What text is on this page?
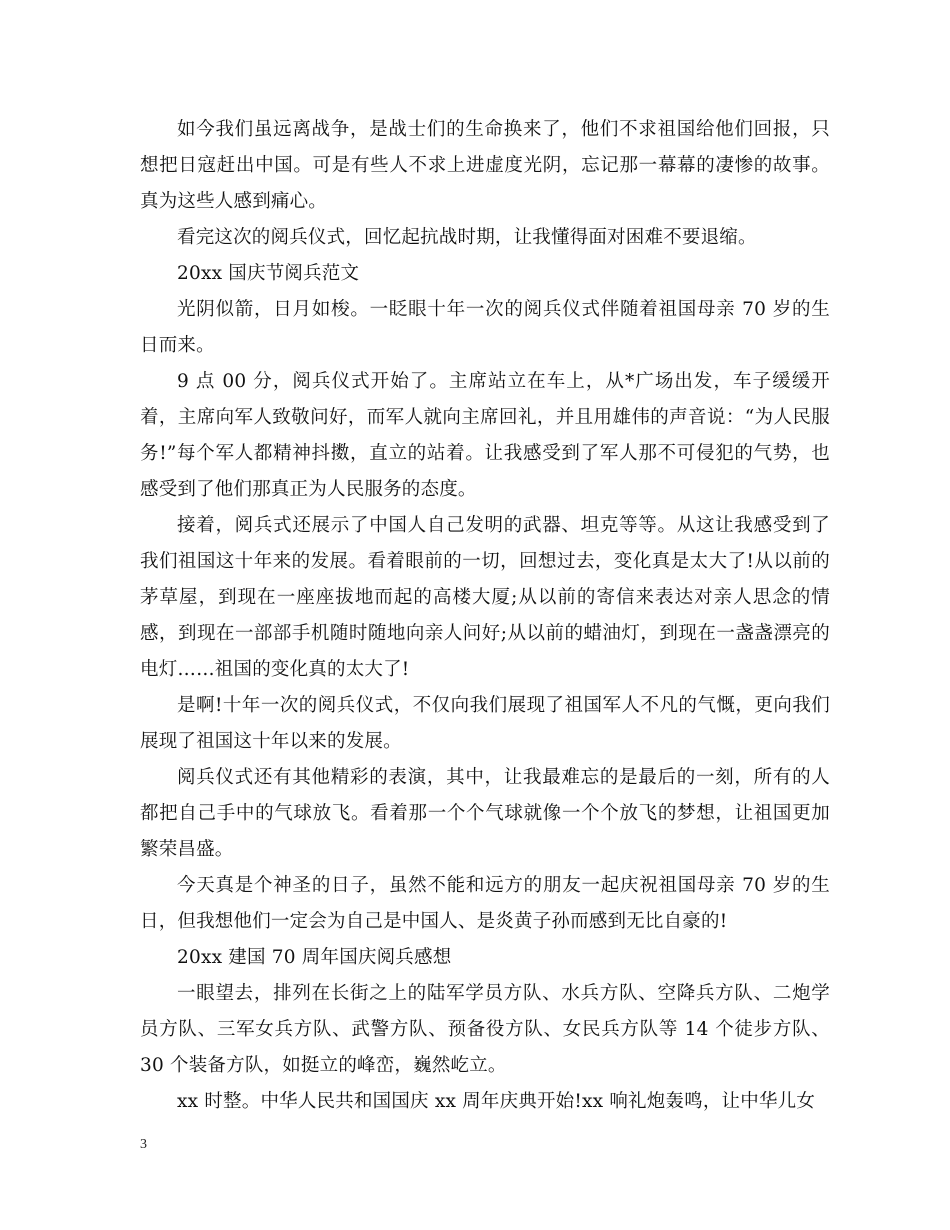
如今我们虽远离战争，是战士们的生命换来了，他们不求祖国给他们回报，只想把日寇赶出中国。可是有些人不求上进虚度光阴，忘记那一幕幕的凄惨的故事。真为这些人感到痛心。

看完这次的阅兵仪式，回忆起抗战时期，让我懂得面对困难不要退缩。

20xx 国庆节阅兵范文

光阴似箭，日月如梭。一眨眼十年一次的阅兵仪式伴随着祖国母亲 70 岁的生日而来。

9 点 00 分，阅兵仪式开始了。主席站立在车上，从*广场出发，车子缓缓开着，主席向军人致敬问好，而军人就向主席回礼，并且用雄伟的声音说：“为人民服务!”每个军人都精神抖擞，直立的站着。让我感受到了军人那不可侵犯的气势，也感受到了他们那真正为人民服务的态度。

接着，阅兵式还展示了中国人自己发明的武器、坦克等等。从这让我感受到了我们祖国这十年来的发展。看着眼前的一切，回想过去，变化真是太大了!从以前的茅草屋，到现在一座座拔地而起的高楼大厦;从以前的寄信来表达对亲人思念的情感，到现在一部部手机随时随地向亲人问好;从以前的蜡油灯，到现在一盏盏漂亮的电灯……祖国的变化真的太大了!

是啊!十年一次的阅兵仪式，不仅向我们展现了祖国军人不凡的气慨，更向我们展现了祖国这十年以来的发展。

阅兵仪式还有其他精彩的表演，其中，让我最难忘的是最后的一刻，所有的人都把自己手中的气球放飞。看着那一个个气球就像一个个放飞的梦想，让祖国更加繁荣昌盛。

今天真是个神圣的日子，虽然不能和远方的朋友一起庆祝祖国母亲 70 岁的生日，但我想他们一定会为自己是中国人、是炎黄子孙而感到无比自豪的!

20xx 建国 70 周年国庆阅兵感想

一眼望去，排列在长街之上的陆军学员方队、水兵方队、空降兵方队、二炮学员方队、三军女兵方队、武警方队、预备役方队、女民兵方队等 14 个徒步方队、30 个装备方队，如挺立的峰峦，巍然屹立。

xx 时整。中华人民共和国国庆 xx 周年庆典开始!xx 响礼炮轰鸣，让中华儿女

3
